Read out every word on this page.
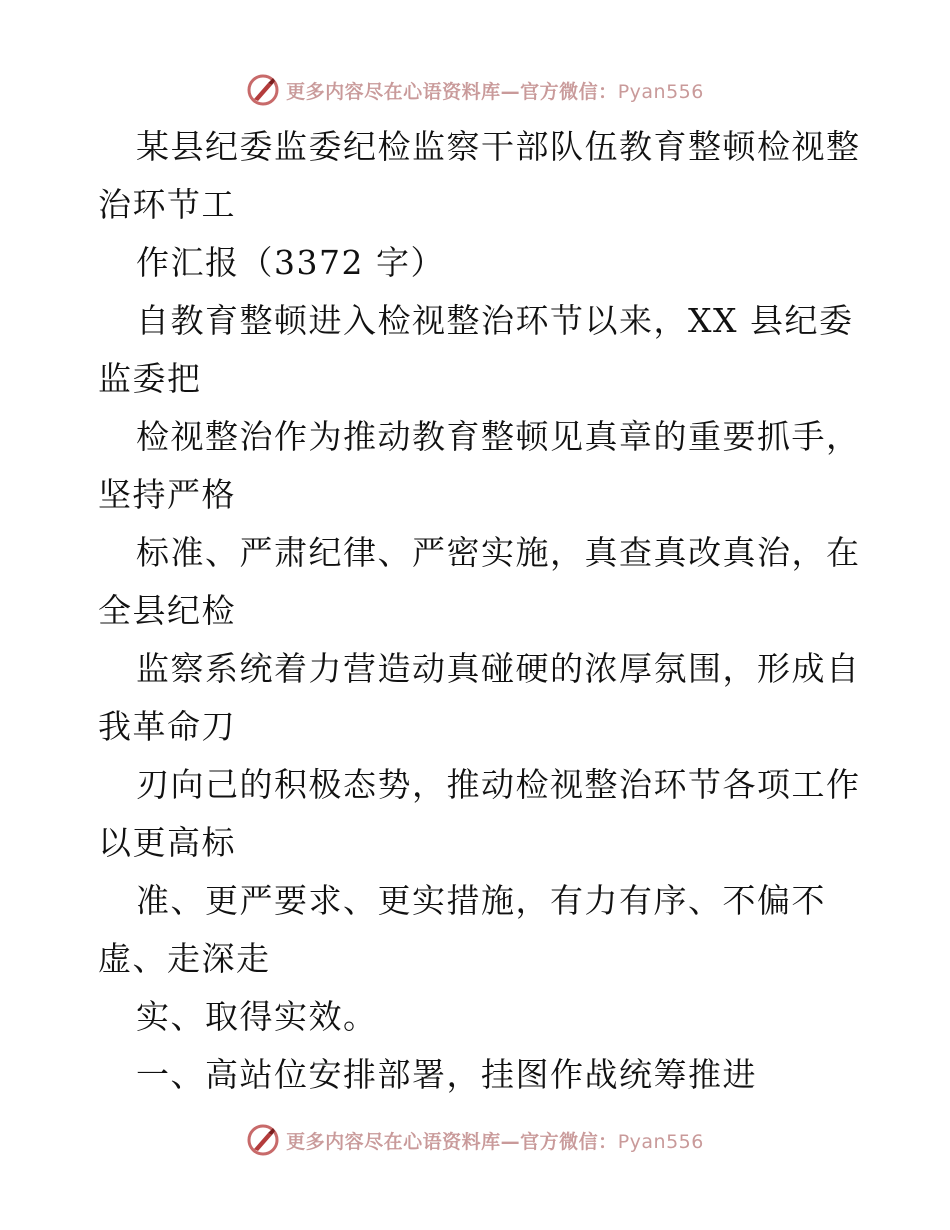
更多内容尽在心语资料库—官方微信：Pyan556
某县纪委监委纪检监察干部队伍教育整顿检视整
治环节工
作汇报（3372 字）
自教育整顿进入检视整治环节以来，XX 县纪委
监委把
检视整治作为推动教育整顿见真章的重要抓手，
坚持严格
标准、严肃纪律、严密实施，真查真改真治，在
全县纪检
监察系统着力营造动真碰硬的浓厚氛围，形成自
我革命刀
刃向己的积极态势，推动检视整治环节各项工作
以更高标
准、更严要求、更实措施，有力有序、不偏不
虚、走深走
实、取得实效。
一、高站位安排部署，挂图作战统筹推进
更多内容尽在心语资料库—官方微信：Pyan556
